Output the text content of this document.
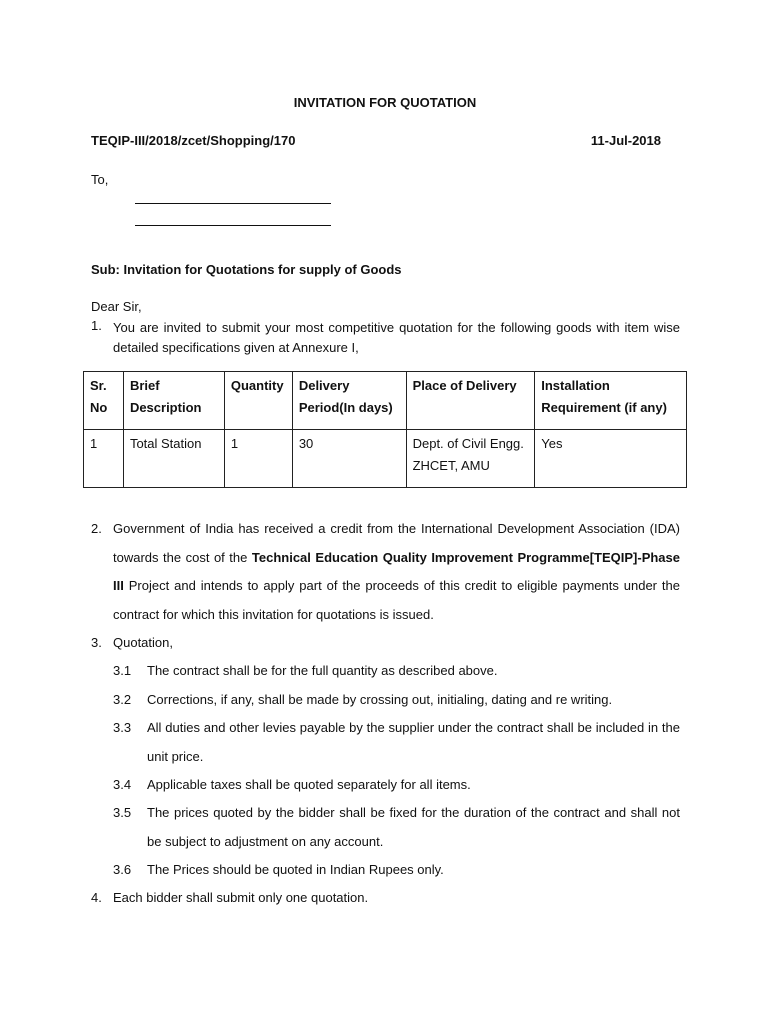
INVITATION FOR QUOTATION
TEQIP-III/2018/zcet/Shopping/170	11-Jul-2018
To,
Sub: Invitation for Quotations for supply of Goods
Dear Sir,
1. You are invited to submit your most competitive quotation for the following goods with item wise detailed specifications given at Annexure I,
Sr. No	Brief Description	Quantity	Delivery Period(In days)	Place of Delivery	Installation Requirement (if any)
1	Total Station	1	30	Dept. of Civil Engg. ZHCET, AMU	Yes
2. Government of India has received a credit from the International Development Association (IDA) towards the cost of the Technical Education Quality Improvement Programme[TEQIP]-Phase III Project and intends to apply part of the proceeds of this credit to eligible payments under the contract for which this invitation for quotations is issued.
3. Quotation,
3.1 The contract shall be for the full quantity as described above.
3.2 Corrections, if any, shall be made by crossing out, initialing, dating and re writing.
3.3 All duties and other levies payable by the supplier under the contract shall be included in the unit price.
3.4 Applicable taxes shall be quoted separately for all items.
3.5 The prices quoted by the bidder shall be fixed for the duration of the contract and shall not be subject to adjustment on any account.
3.6 The Prices should be quoted in Indian Rupees only.
4. Each bidder shall submit only one quotation.
